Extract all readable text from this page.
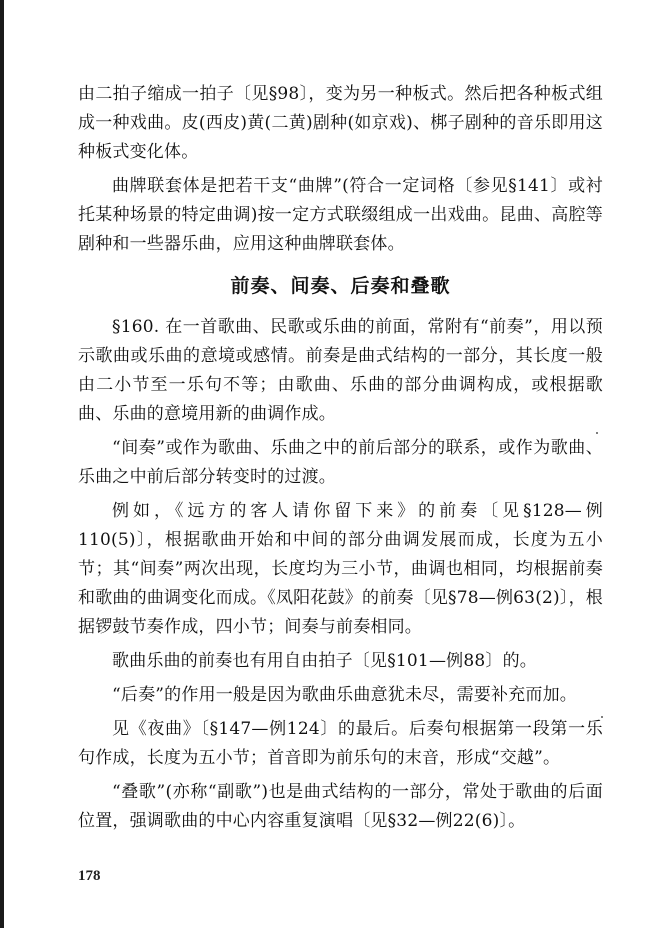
由二拍子缩成一拍子〔见§98〕，变为另一种板式。然后把各种板式组成一种戏曲。皮(西皮)黄(二黄)剧种(如京戏)、梆子剧种的音乐即用这种板式变化体。

曲牌联套体是把若干支“曲牌”(符合一定词格〔参见§141〕或衬托某种场景的特定曲调)按一定方式联缀组成一出戏曲。昆曲、高腔等剧种和一些器乐曲，应用这种曲牌联套体。

前奏、间奏、后奏和叠歌

§160. 在一首歌曲、民歌或乐曲的前面，常附有“前奏”，用以预示歌曲或乐曲的意境或感情。前奏是曲式结构的一部分，其长度一般由二小节至一乐句不等；由歌曲、乐曲的部分曲调构成，或根据歌曲、乐曲的意境用新的曲调作成。

“间奏”或作为歌曲、乐曲之中的前后部分的联系，或作为歌曲、乐曲之中前后部分转变时的过渡。

例如，《远方的客人请你留下来》的前奏〔见§128—例110(5)〕，根据歌曲开始和中间的部分曲调发展而成，长度为五小节；其“间奏”两次出现，长度均为三小节，曲调也相同，均根据前奏和歌曲的曲调变化而成。《凤阳花鼓》的前奏〔见§78—例63(2)〕，根据锣鼓节奏作成，四小节；间奏与前奏相同。

歌曲乐曲的前奏也有用自由拍子〔见§101—例88〕的。

“后奏”的作用一般是因为歌曲乐曲意犹未尽，需要补充而加。

见《夜曲》〔§147—例124〕的最后。后奏句根据第一段第一乐句作成，长度为五小节；首音即为前乐句的末音，形成“交越”。

“叠歌”(亦称“副歌”)也是曲式结构的一部分，常处于歌曲的后面位置，强调歌曲的中心内容重复演唱〔见§32—例22(6)〕。

178
